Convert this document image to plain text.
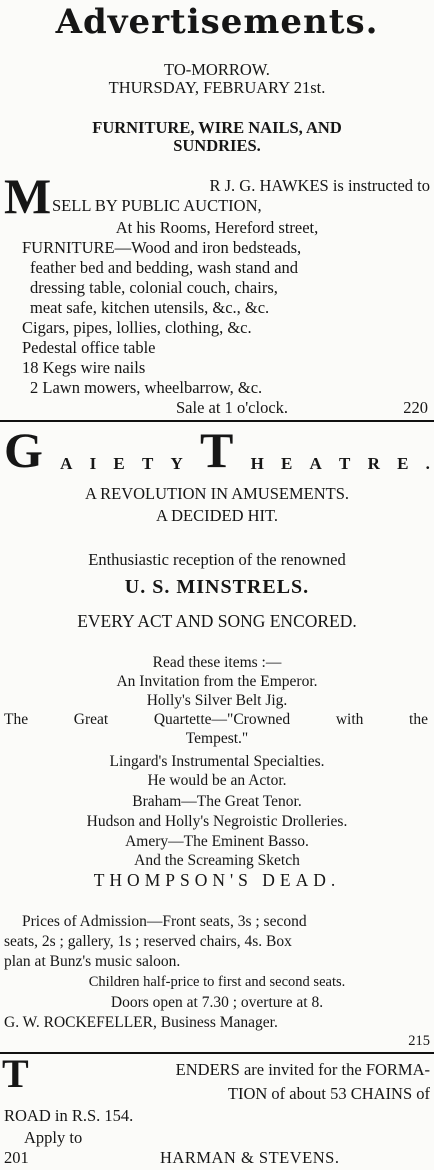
Advertisements.
TO-MORROW.
THURSDAY, FEBRUARY 21st.
FURNITURE, WIRE NAILS, AND
SUNDRIES.
M	R J. G. HAWKES is instructed to
SELL BY PUBLIC AUCTION,
At his Rooms, Hereford street,
FURNITURE—Wood and iron bedsteads,
feather bed and bedding, wash stand and
dressing table, colonial couch, chairs,
meat safe, kitchen utensils, &c., &c.
Cigars, pipes, lollies, clothing, &c.
Pedestal office table
18 Kegs wire nails
2 Lawn mowers, wheelbarrow, &c.
Sale at 1 o'clock.	220
G A I E T Y T H E A T R E .
A REVOLUTION IN AMUSEMENTS.
A DECIDED HIT.
Enthusiastic reception of the renowned
U. S. MINSTRELS.
EVERY ACT AND SONG ENCORED.
Read these items :—
An Invitation from the Emperor.
Holly's Silver Belt Jig.
The	Great	Quartette—"Crowned	with	the
Tempest."
Lingard's Instrumental Specialties.
He would be an Actor.
Braham—The Great Tenor.
Hudson and Holly's Negroistic Drolleries.
Amery—The Eminent Basso.
And the Screaming Sketch
THOMPSON'S DEAD.
Prices of Admission—Front seats, 3s ; second
seats, 2s ; gallery, 1s ; reserved chairs, 4s. Box
plan at Bunz's music saloon.
Children half-price to first and second seats.
Doors open at 7.30 ; overture at 8.
G. W. ROCKEFELLER, Business Manager.
215
T	ENDERS are invited for the FORMA-
TION of about 53 CHAINS of
ROAD in R.S. 154.
Apply to
201	HARMAN & STEVENS.
